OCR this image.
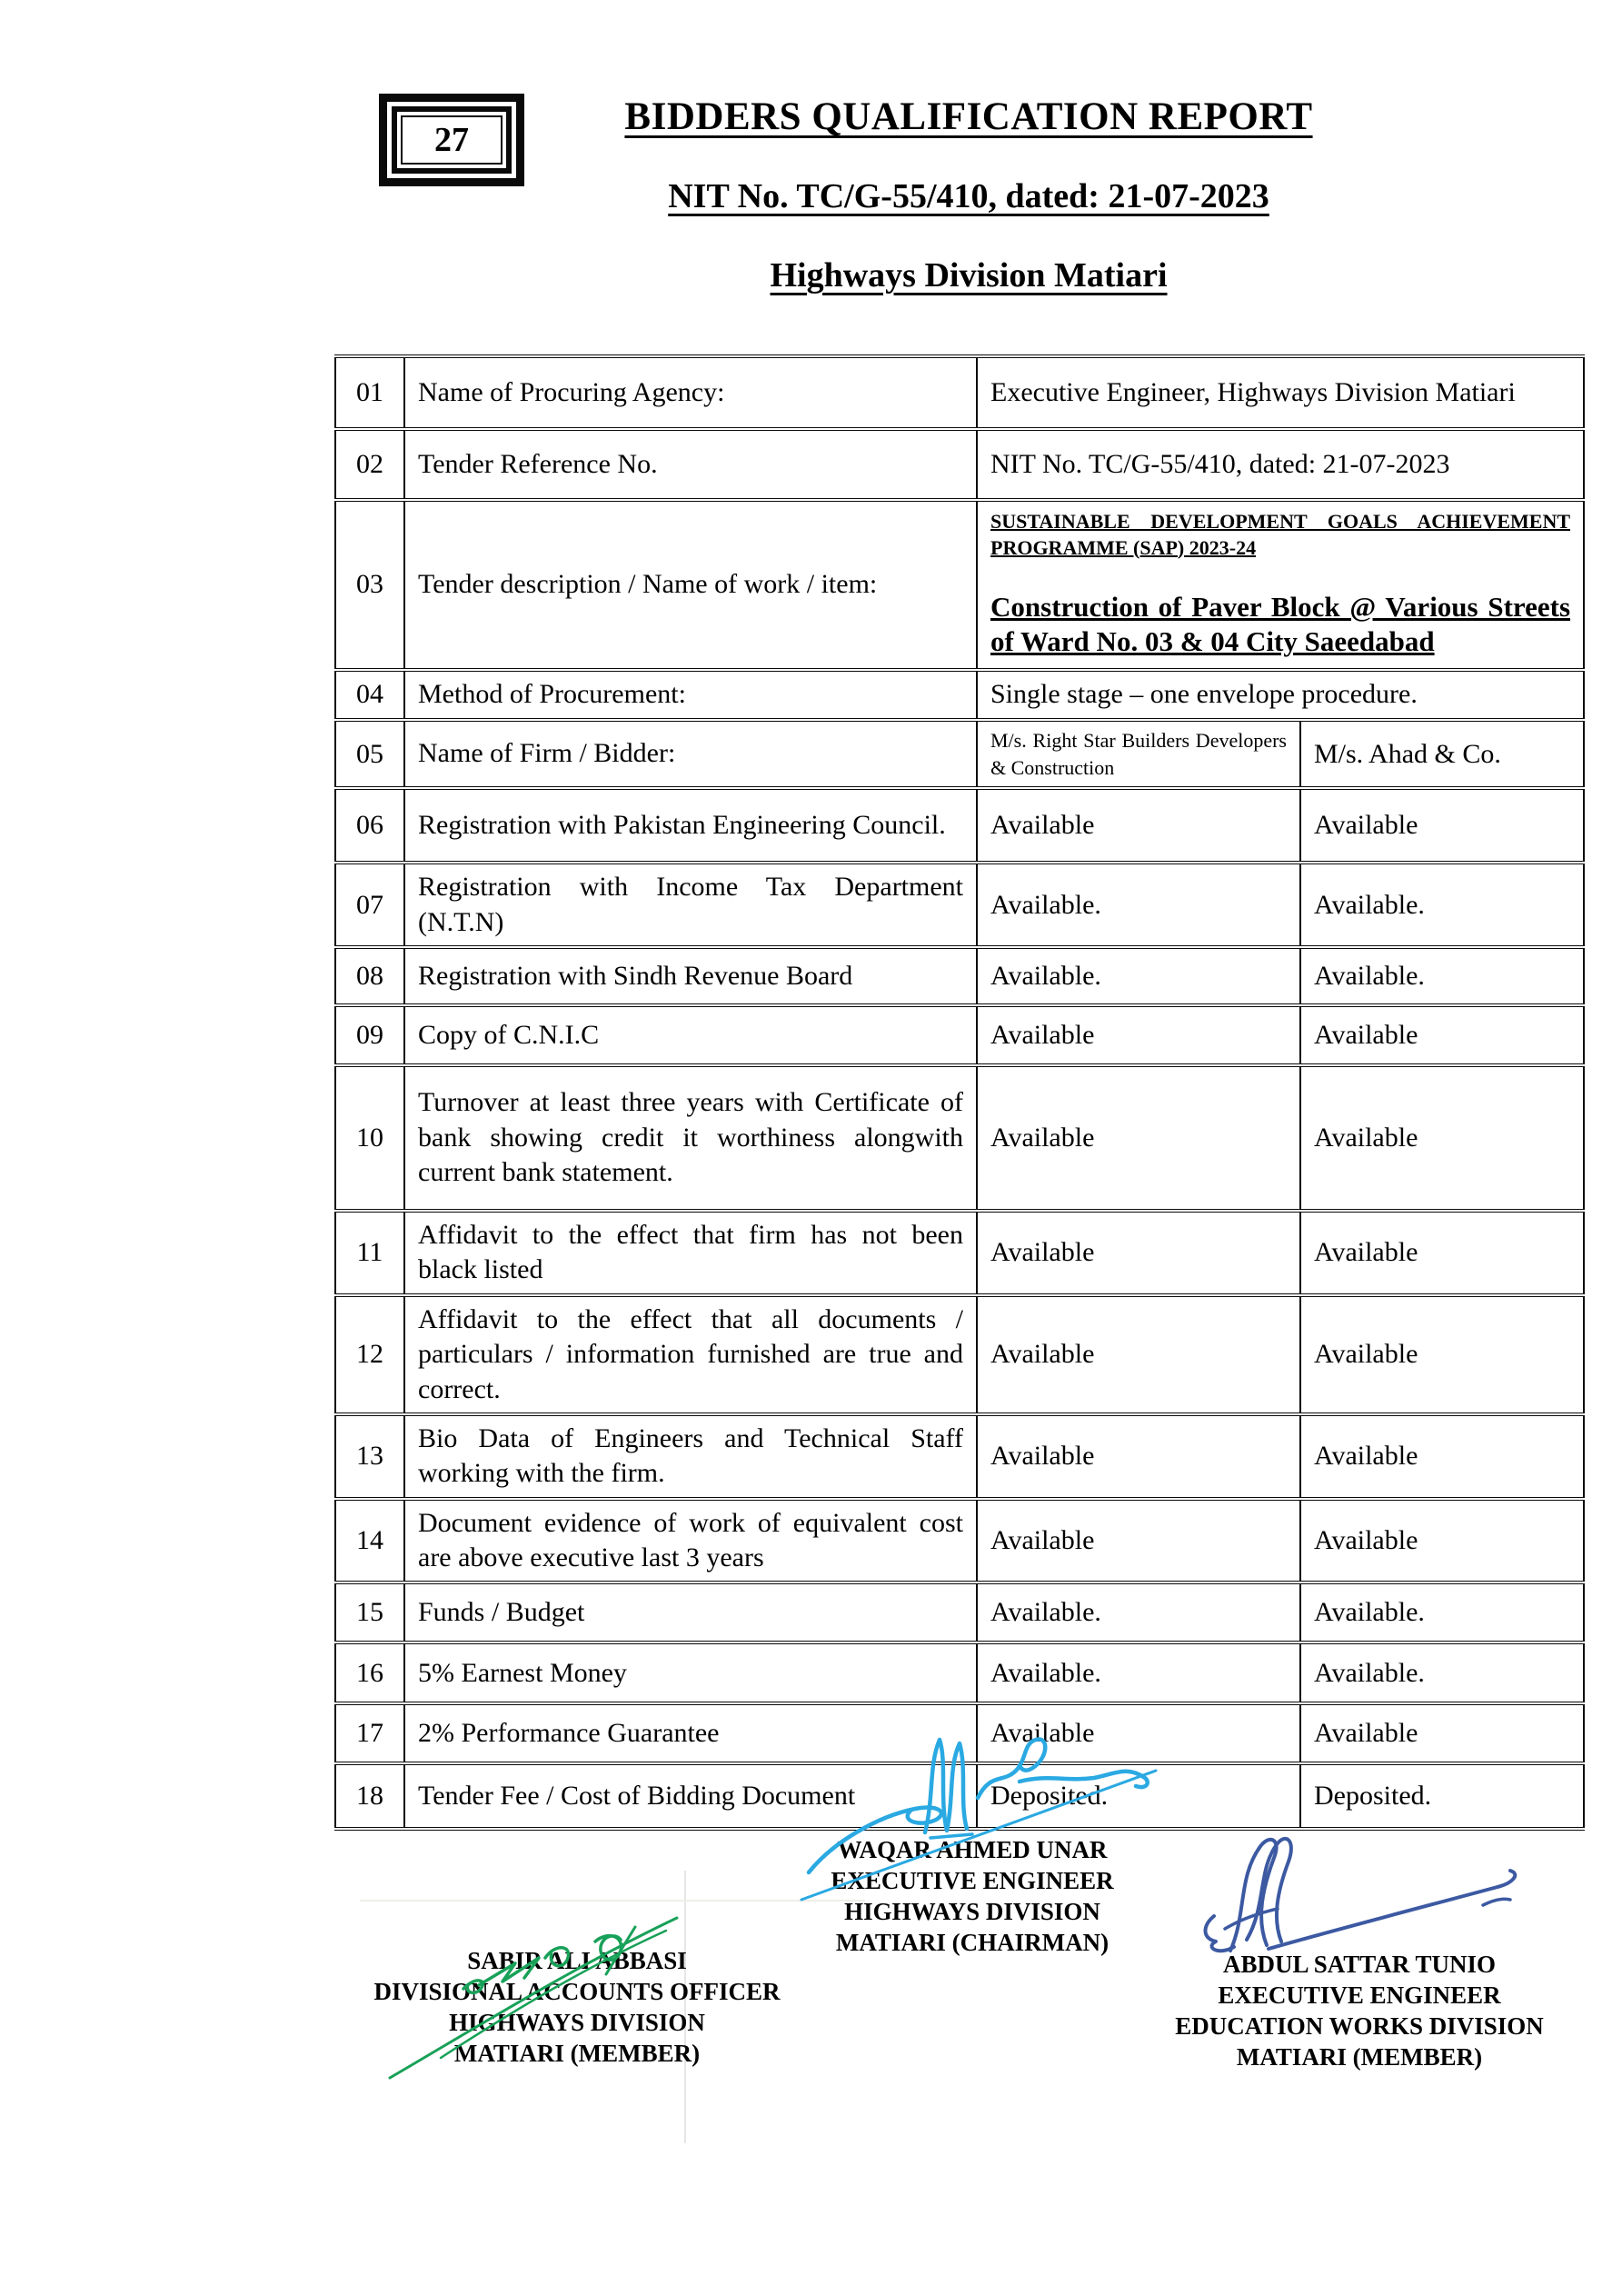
27
BIDDERS QUALIFICATION REPORT
NIT No. TC/G-55/410, dated: 21-07-2023
Highways Division Matiari
01	Name of Procuring Agency:	Executive Engineer, Highways Division Matiari	
02	Tender Reference No.	NIT No. TC/G-55/410, dated: 21-07-2023	
03	Tender description / Name of work / item:	SUSTAINABLE DEVELOPMENT GOALS ACHIEVEMENT PROGRAMME (SAP) 2023-24
Construction of Paver Block @ Various Streets of Ward No. 03 & 04 City Saeedabad	

04	Method of Procurement:	Single stage – one envelope procedure.	
05	Name of Firm / Bidder:	M/s. Right Star Builders Developers & Construction	M/s. Ahad & Co.
06	Registration with Pakistan Engineering Council.	Available	Available
07	Registration with Income Tax Department (N.T.N)	Available.	Available.
08	Registration with Sindh Revenue Board	Available.	Available.
09	Copy of C.N.I.C	Available	Available
10	Turnover at least three years with Certificate of bank showing credit it worthiness alongwith current bank statement.	Available	Available
11	Affidavit to the effect that firm has not been black listed	Available	Available
12	Affidavit to the effect that all documents / particulars / information furnished are true and correct.	Available	Available
13	Bio Data of Engineers and Technical Staff working with the firm.	Available	Available
14	Document evidence of work of equivalent cost are above executive last 3 years	Available	Available
15	Funds / Budget	Available.	Available.
16	5% Earnest Money	Available.	Available.
17	2% Performance Guarantee	Available	Available
18	Tender Fee / Cost of Bidding Document	Deposited.	Deposited.
WAQAR AHMED UNAR
EXECUTIVE ENGINEER
HIGHWAYS DIVISION
MATIARI (CHAIRMAN)
SABIR ALI ABBASI
DIVISIONAL ACCOUNTS OFFICER
HIGHWAYS DIVISION
MATIARI (MEMBER)
ABDUL SATTAR TUNIO
EXECUTIVE ENGINEER
EDUCATION WORKS DIVISION
MATIARI (MEMBER)
